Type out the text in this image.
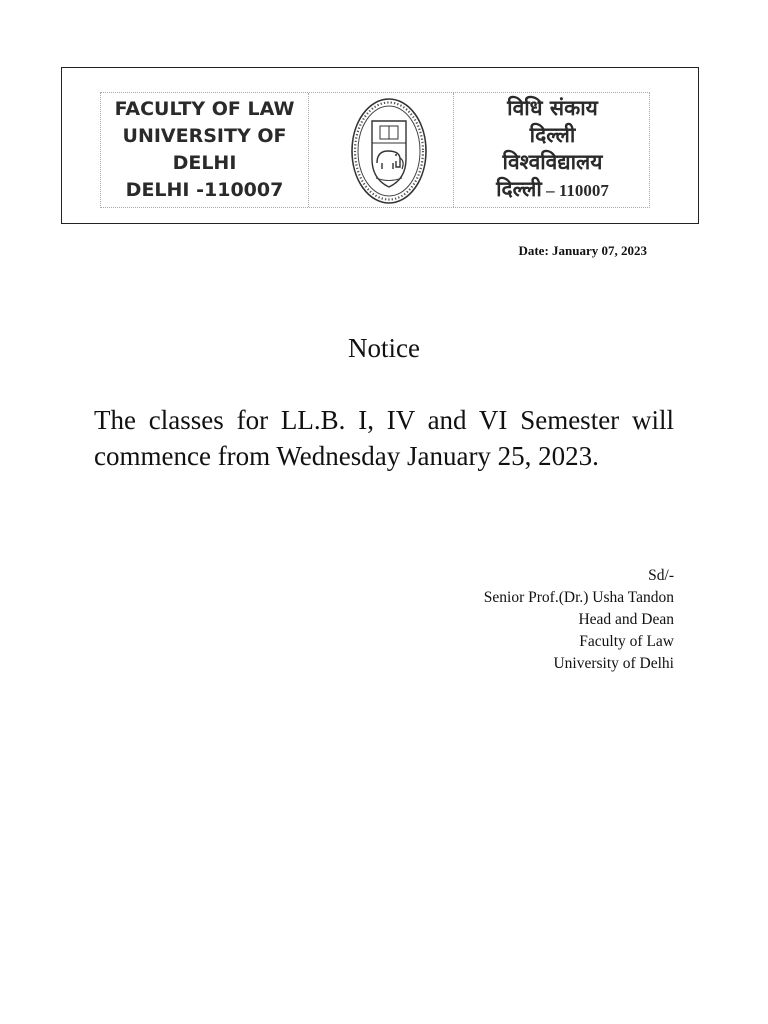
FACULTY OF LAW
UNIVERSITY OF
DELHI
DELHI -110007
विधि संकाय
दिल्ली
विश्वविद्यालय
दिल्ली – 110007
Date: January 07, 2023
Notice
The classes for LL.B. I, IV and VI Semester will commence from Wednesday January 25, 2023.
Sd/-
Senior Prof.(Dr.) Usha Tandon
Head and Dean
Faculty of Law
University of Delhi
